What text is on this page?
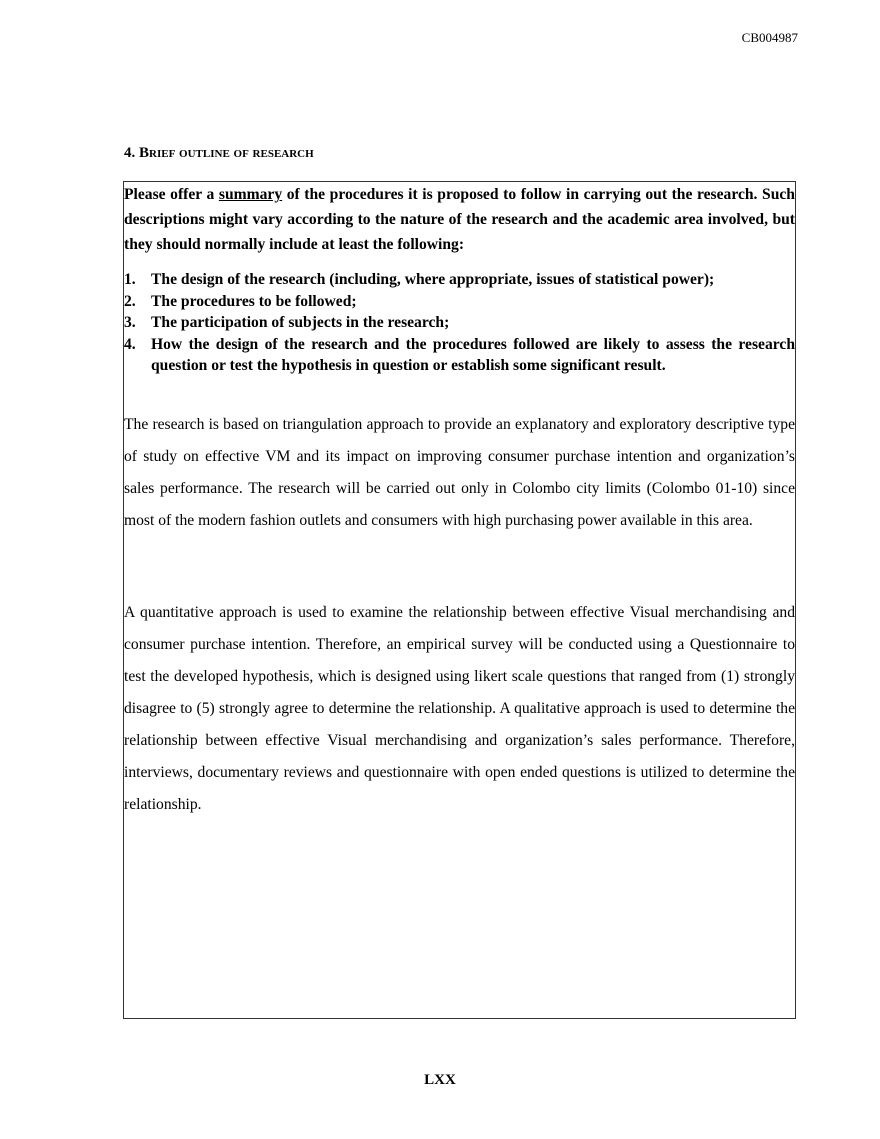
CB004987
4. Brief outline of research

Please offer a summary of the procedures it is proposed to follow in carrying out the research. Such descriptions might vary according to the nature of the research and the academic area involved, but they should normally include at least the following:

1. The design of the research (including, where appropriate, issues of statistical power);
2. The procedures to be followed;
3. The participation of subjects in the research;
4. How the design of the research and the procedures followed are likely to assess the research question or test the hypothesis in question or establish some significant result.

The research is based on triangulation approach to provide an explanatory and exploratory descriptive type of study on effective VM and its impact on improving consumer purchase intention and organization’s sales performance. The research will be carried out only in Colombo city limits (Colombo 01-10) since most of the modern fashion outlets and consumers with high purchasing power available in this area.

A quantitative approach is used to examine the relationship between effective Visual merchandising and consumer purchase intention. Therefore, an empirical survey will be conducted using a Questionnaire to test the developed hypothesis, which is designed using likert scale questions that ranged from (1) strongly disagree to (5) strongly agree to determine the relationship. A qualitative approach is used to determine the relationship between effective Visual merchandising and organization’s sales performance. Therefore, interviews, documentary reviews and questionnaire with open ended questions is utilized to determine the relationship.

LXX
